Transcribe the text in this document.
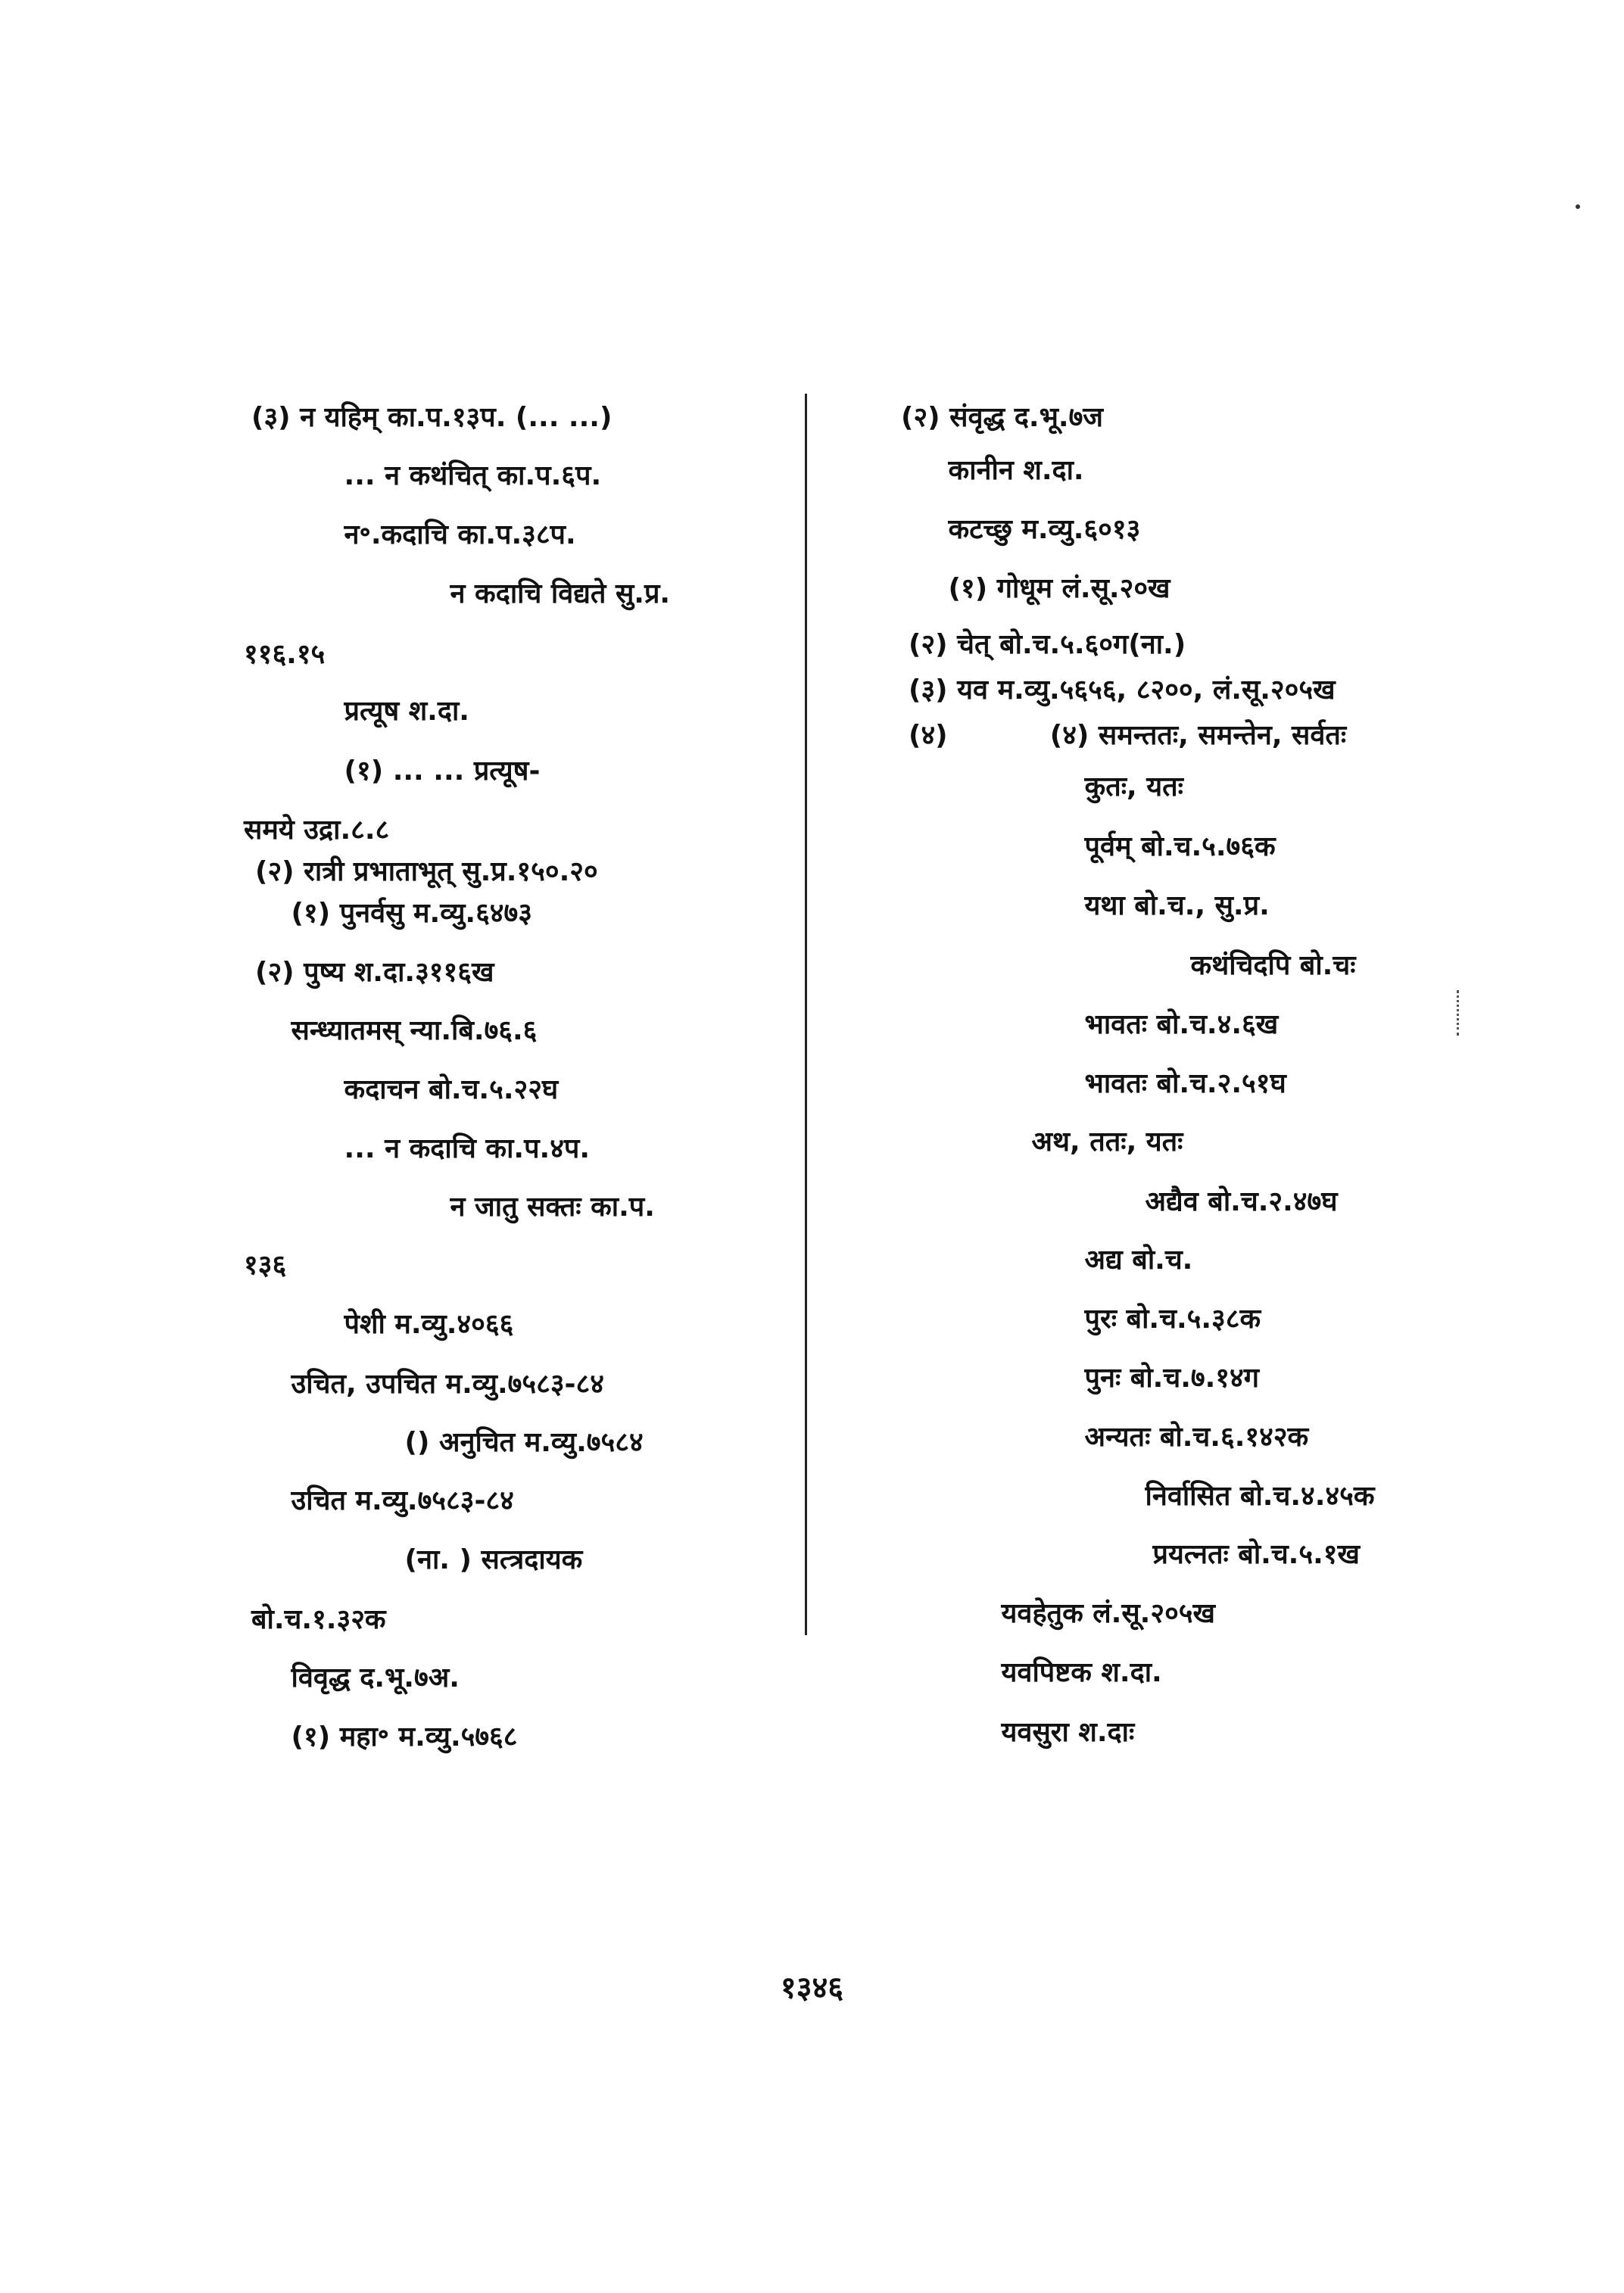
(३) न यहिम् का.प.१३प. (... ...)
... न कथंचित् का.प.६प.
न॰.कदाचि का.प.३८प.
न कदाचि विद्यते सु.प्र.
११६.१५
प्रत्यूष श.दा.
(१) ... ... प्रत्यूष-
समये उद्रा.८.८
(२) रात्री प्रभाताभूत् सु.प्र.१५०.२०
(१) पुनर्वसु म.व्यु.६४७३
(२) पुष्य श.दा.३११६ख
सन्ध्यातमस् न्या.बि.७६.६
कदाचन बो.च.५.२२घ
... न कदाचि का.प.४प.
न जातु सक्तः का.प.
१३६
पेशी म.व्यु.४०६६
उचित, उपचित म.व्यु.७५८३-८४
() अनुचित म.व्यु.७५८४
उचित म.व्यु.७५८३-८४
(ना. ) सत्त्रदायक
बो.च.१.३२क
विवृद्ध द.भू.७अ.
(१) महा॰ म.व्यु.५७६८
(२) संवृद्ध द.भू.७ज
कानीन श.दा.
कटच्छु म.व्यु.६०१३
(१) गोधूम लं.सू.२०ख
(२) चेत् बो.च.५.६०ग(ना.)
(३) यव म.व्यु.५६५६, ८२००, लं.सू.२०५ख
(४)	(४) समन्ततः, समन्तेन, सर्वतः
कुतः, यतः
पूर्वम् बो.च.५.७६क
यथा बो.च., सु.प्र.
कथंचिदपि बो.चः
भावतः बो.च.४.६ख
भावतः बो.च.२.५१घ
अथ, ततः, यतः
अद्यैव बो.च.२.४७घ
अद्य बो.च.
पुरः बो.च.५.३८क
पुनः बो.च.७.१४ग
अन्यतः बो.च.६.१४२क
निर्वासित बो.च.४.४५क
प्रयत्नतः बो.च.५.१ख
यवहेतुक लं.सू.२०५ख
यवपिष्टक श.दा.
यवसुरा श.दाः
१३४६
